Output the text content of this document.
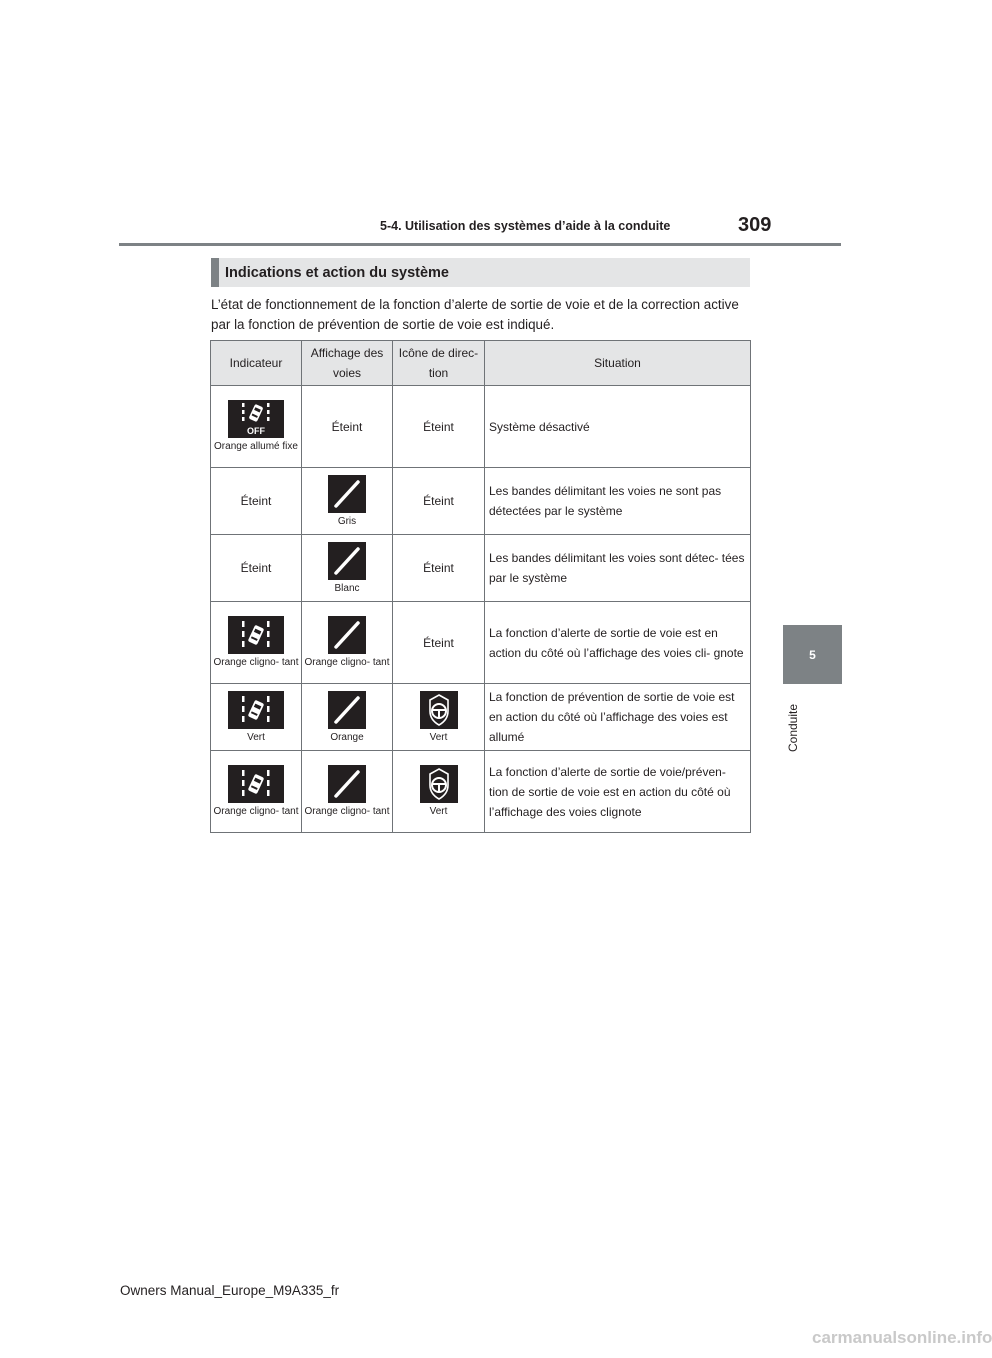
5-4. Utilisation des systèmes d’aide à la conduite	309
5
Conduite
Indications et action du système
L’état de fonctionnement de la fonction d’alerte de sortie de voie et de la correction active par la fonction de prévention de sortie de voie est indiqué.
Indicateur	Affichage des voies	Icône de direc- tion	Situation

OFF
Orange allumé fixe	Éteint	Éteint	Système désactivé
Éteint	Gris	Éteint	Les bandes délimitant les voies ne sont pas détectées par le système
Éteint	Blanc	Éteint	Les bandes délimitant les voies sont détec- tées par le système

Orange cligno- tant	Orange cligno- tant	Éteint	La fonction d’alerte de sortie de voie est en action du côté où l’affichage des voies cli- gnote

Vert	Orange	Vert	La fonction de prévention de sortie de voie est en action du côté où l’affichage des voies est allumé

Orange cligno- tant	Orange cligno- tant	Vert	La fonction d’alerte de sortie de voie/préven- tion de sortie de voie est en action du côté où l’affichage des voies clignote
Owners Manual_Europe_M9A335_fr
carmanualsonline.info
